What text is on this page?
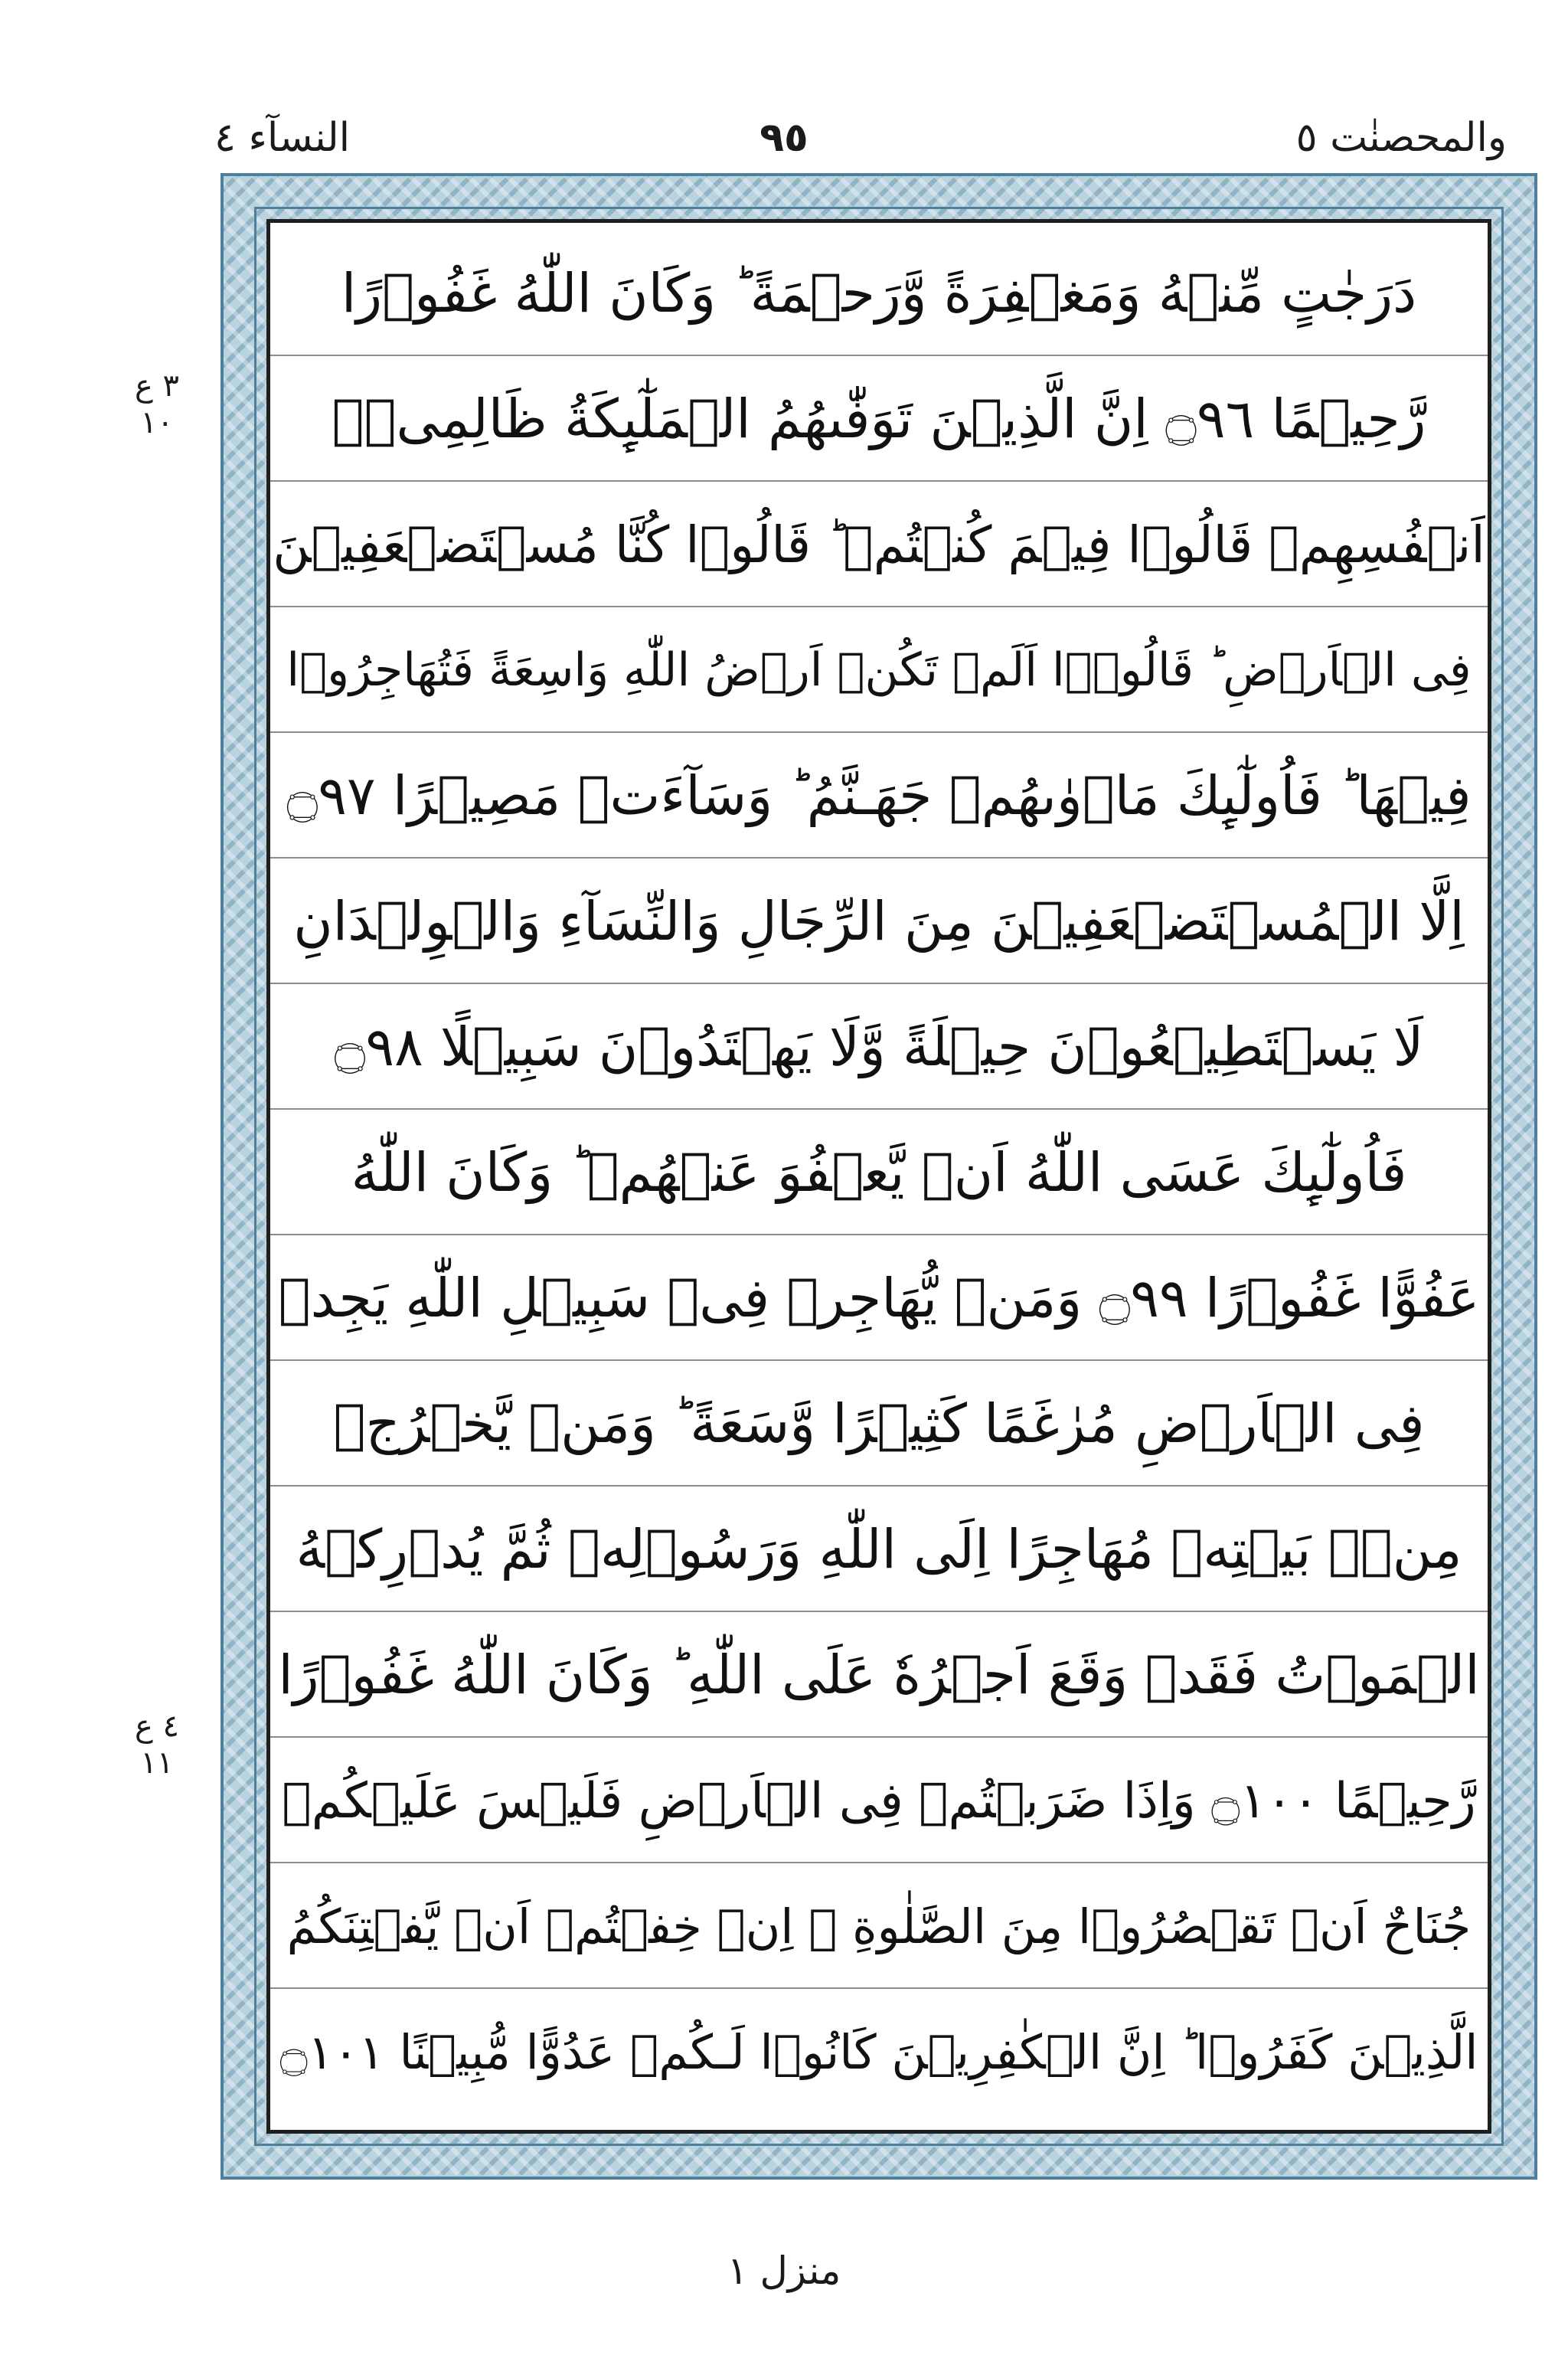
النسآء ٤	٩٥	والمحصنٰت ٥
٣ ع ١٠
٤ ع ١١
دَرَجٰتٍ مِّنۡهُ وَمَغۡفِرَةً وَّرَحۡمَةً ؕ وَكَانَ اللّٰهُ غَفُوۡرًا
رَّحِيۡمًا ۝٩٦ اِنَّ الَّذِيۡنَ تَوَفّٰٮهُمُ الۡمَلٰٓٮِٕكَةُ ظَالِمِىۡۤ
اَنۡفُسِهِمۡ قَالُوۡا فِيۡمَ كُنۡتُمۡ ؕ قَالُوۡا كُنَّا مُسۡتَضۡعَفِيۡنَ
فِى الۡاَرۡضِ ؕ قَالُوۡۤا اَلَمۡ تَكُنۡ اَرۡضُ اللّٰهِ وَاسِعَةً فَتُهَاجِرُوۡا
فِيۡهَا ؕ فَاُولٰٓٮِٕكَ مَاۡوٰٮهُمۡ جَهَـنَّمُ ؕ وَسَآءَتۡ مَصِيۡرًا ۝٩٧
اِلَّا الۡمُسۡتَضۡعَفِيۡنَ مِنَ الرِّجَالِ وَالنِّسَآءِ وَالۡوِلۡدَانِ
لَا يَسۡتَطِيۡعُوۡنَ حِيۡلَةً وَّلَا يَهۡتَدُوۡنَ سَبِيۡلًا ۝٩٨
فَاُولٰٓٮِٕكَ عَسَى اللّٰهُ اَنۡ يَّعۡفُوَ عَنۡهُمۡ ؕ وَكَانَ اللّٰهُ
عَفُوًّا غَفُوۡرًا ۝٩٩ وَمَنۡ يُّهَاجِرۡ فِىۡ سَبِيۡلِ اللّٰهِ يَجِدۡ
فِى الۡاَرۡضِ مُرٰغَمًا كَثِيۡرًا وَّسَعَةً ؕ وَمَنۡ يَّخۡرُجۡ
مِنۡۢ بَيۡتِهٖ مُهَاجِرًا اِلَى اللّٰهِ وَرَسُوۡلِهٖ ثُمَّ يُدۡرِكۡهُ
الۡمَوۡتُ فَقَدۡ وَقَعَ اَجۡرُهٗ عَلَى اللّٰهِ ؕ وَكَانَ اللّٰهُ غَفُوۡرًا
رَّحِيۡمًا ۝١٠٠ وَاِذَا ضَرَبۡتُمۡ فِى الۡاَرۡضِ فَلَيۡسَ عَلَيۡكُمۡ
جُنَاحٌ اَنۡ تَقۡصُرُوۡا مِنَ الصَّلٰوةِ ۖ اِنۡ خِفۡتُمۡ اَنۡ يَّفۡتِنَكُمُ
الَّذِيۡنَ كَفَرُوۡا ؕ اِنَّ الۡكٰفِرِيۡنَ كَانُوۡا لَـكُمۡ عَدُوًّا مُّبِيۡنًا ۝١٠١
منزل ١
